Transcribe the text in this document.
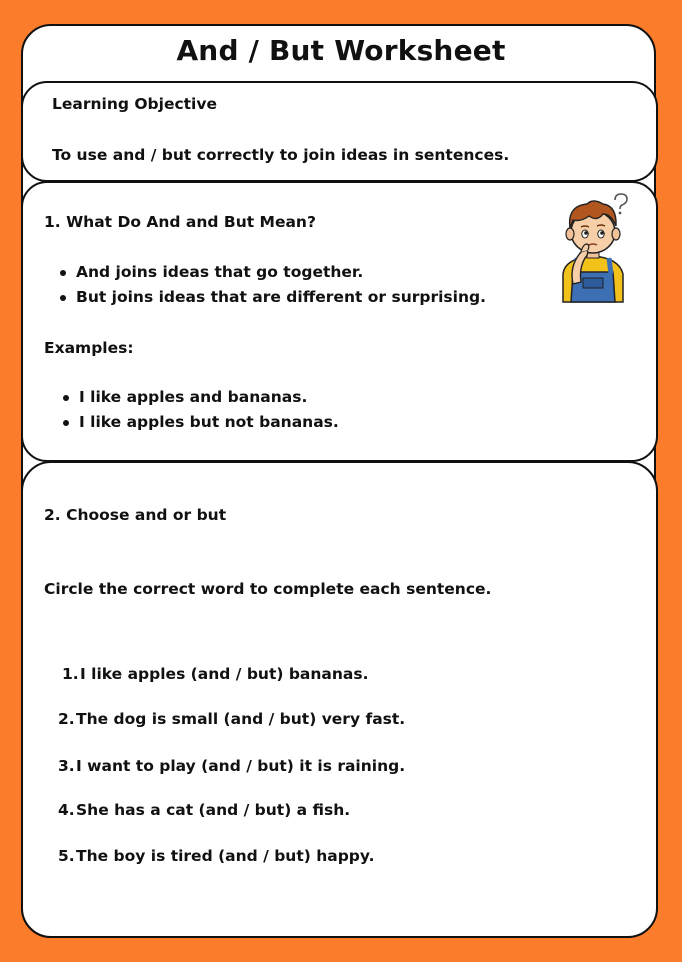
And / But Worksheet
Learning Objective
To use and / but correctly to join ideas in sentences.
1. What Do And and But Mean?
And joins ideas that go together.
But joins ideas that are different or surprising.
Examples:
I like apples and bananas.
I like apples but not bananas.
2. Choose and or but
Circle the correct word to complete each sentence.
1.I like apples (and / but) bananas.
2.The dog is small (and / but) very fast.
3.I want to play (and / but) it is raining.
4.She has a cat (and / but) a fish.
5.The boy is tired (and / but) happy.
